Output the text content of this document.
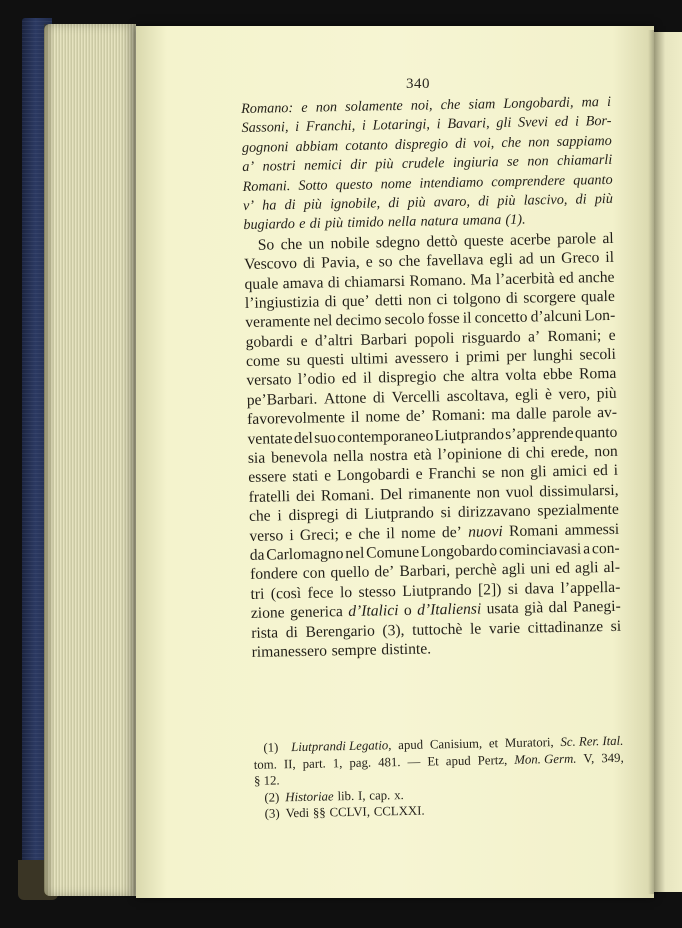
340
Romano: e non solamente noi, che siam Longobardi, ma i
Sassoni, i Franchi, i Lotaringi, i Bavari, gli Svevi ed i Bor-
gognoni abbiam cotanto dispregio di voi, che non sappiamo
a’ nostri nemici dir più crudele ingiuria se non chiamarli
Romani. Sotto questo nome intendiamo comprendere quanto
v’ ha di più ignobile, di più avaro, di più lascivo, di più
bugiardo e di più timido nella natura umana (1).
So che un nobile sdegno dettò queste acerbe parole al
Vescovo di Pavia, e so che favellava egli ad un Greco il
quale amava di chiamarsi Romano. Ma l’acerbità ed anche
l’ingiustizia di que’ detti non ci tolgono di scorgere quale
veramente nel decimo secolo fosse il concetto d’alcuni Lon-
gobardi e d’altri Barbari popoli risguardo a’ Romani; e
come su questi ultimi avessero i primi per lunghi secoli
versato l’odio ed il dispregio che altra volta ebbe Roma
pe’Barbari. Attone di Vercelli ascoltava, egli è vero, più
favorevolmente il nome de’ Romani: ma dalle parole av-
ventate del suo contemporaneo Liutprando s’apprende quanto
sia benevola nella nostra età l’opinione di chi erede, non
essere stati e Longobardi e Franchi se non gli amici ed i
fratelli dei Romani. Del rimanente non vuol dissimularsi,
che i dispregi di Liutprando si dirizzavano spezialmente
verso i Greci; e che il nome de’ nuovi Romani ammessi
da Carlomagno nel Comune Longobardo cominciavasi a con-
fondere con quello de’ Barbari, perchè agli uni ed agli al-
tri (così fece lo stesso Liutprando [2]) si dava l’appella-
zione generica d’Italici o d’Italiensi usata già dal Panegi-
rista di Berengario (3), tuttochè le varie cittadinanze si
rimanessero sempre distinte.
(1) Liutprandi Legatio, apud Canisium, et Muratori, Sc. Rer. Ital.
tom. II, part. 1, pag. 481. — Et apud Pertz, Mon. Germ. V, 349,
§ 12.
(2) Historiae lib. I, cap. x.
(3) Vedi §§ CCLVI, CCLXXI.
